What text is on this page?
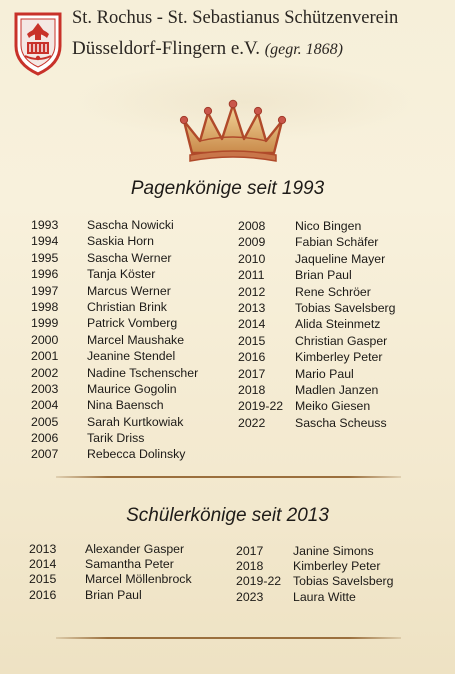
St. Rochus - St. Sebastianus Schützenverein
Düsseldorf-Flingern e.V. (gegr. 1868)
Pagenkönige seit 1993
1993 Sascha Nowicki
1994 Saskia Horn
1995 Sascha Werner
1996 Tanja Köster
1997 Marcus Werner
1998 Christian Brink
1999 Patrick Vomberg
2000 Marcel Maushake
2001 Jeanine Stendel
2002 Nadine Tschenscher
2003 Maurice Gogolin
2004 Nina Baensch
2005 Sarah Kurtkowiak
2006 Tarik Driss
2007 Rebecca Dolinsky
2008 Nico Bingen
2009 Fabian Schäfer
2010 Jaqueline Mayer
2011 Brian Paul
2012 Rene Schröer
2013 Tobias Savelsberg
2014 Alida Steinmetz
2015 Christian Gasper
2016 Kimberley Peter
2017 Mario Paul
2018 Madlen Janzen
2019-22 Meiko Giesen
2022 Sascha Scheuss
Schülerkönige seit 2013
2013 Alexander Gasper
2014 Samantha Peter
2015 Marcel Möllenbrock
2016 Brian Paul
2017 Janine Simons
2018 Kimberley Peter
2019-22 Tobias Savelsberg
2023 Laura Witte
